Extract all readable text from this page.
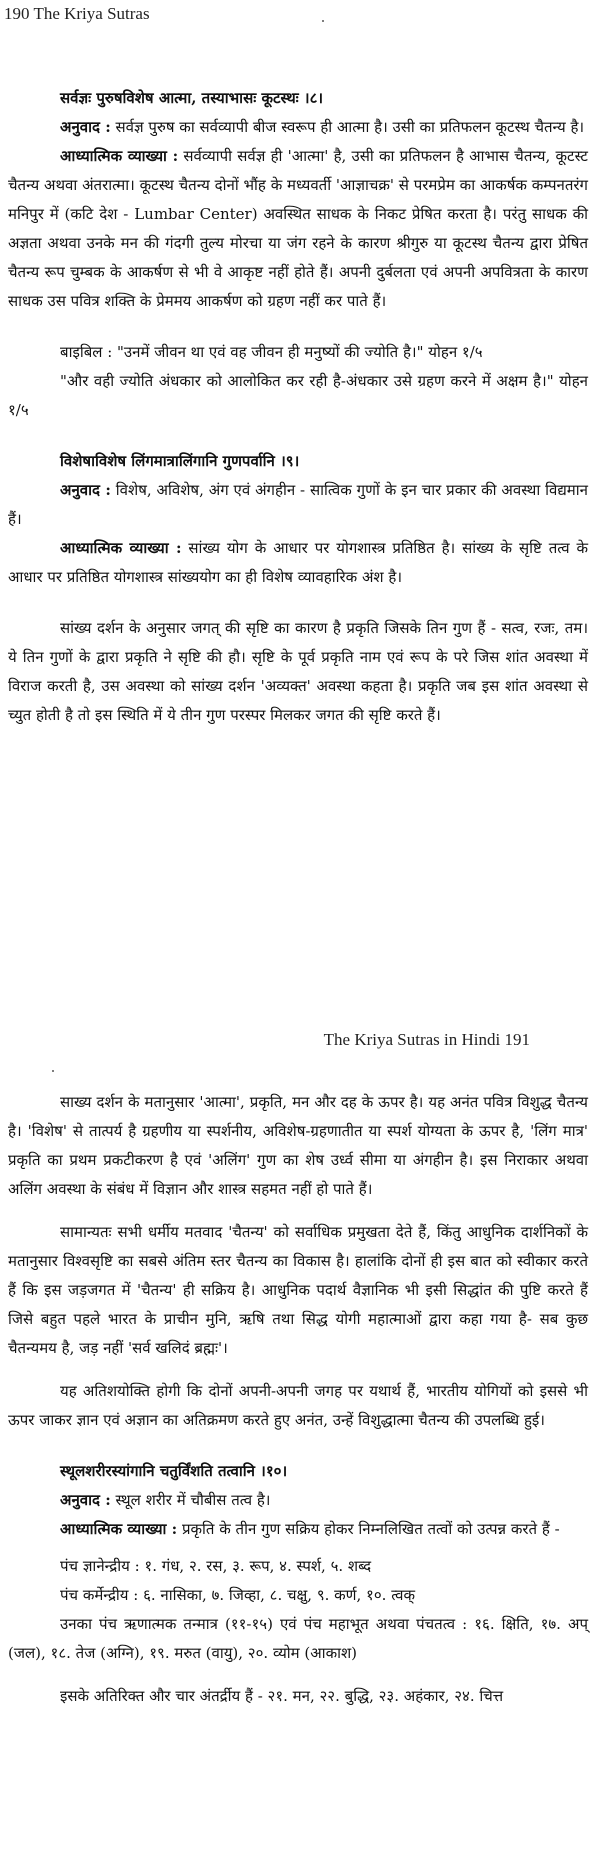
190 The Kriya Sutras

सर्वज्ञः पुरुषविशेष आत्मा, तस्याभासः कूटस्थः ।८।

अनुवाद : सर्वज्ञ पुरुष का सर्वव्यापी बीज स्वरूप ही आत्मा है। उसी का प्रतिफलन कूटस्थ चैतन्य है।

आध्यात्मिक व्याख्या : सर्वव्यापी सर्वज्ञ ही 'आत्मा' है, उसी का प्रतिफलन है आभास चैतन्य, कूटस्ट चैतन्य अथवा अंतरात्मा। कूटस्थ चैतन्य दोनों भौंह के मध्यवर्ती 'आज्ञाचक्र' से परमप्रेम का आकर्षक कम्पनतरंग मनिपुर में (कटि देश - Lumbar Center) अवस्थित साधक के निकट प्रेषित करता है। परंतु साधक की अज्ञता अथवा उनके मन की गंदगी तुल्य मोरचा या जंग रहने के कारण श्रीगुरु या कूटस्थ चैतन्य द्वारा प्रेषित चैतन्य रूप चुम्बक के आकर्षण से भी वे आकृष्ट नहीं होते हैं। अपनी दुर्बलता एवं अपनी अपवित्रता के कारण साधक उस पवित्र शक्ति के प्रेममय आकर्षण को ग्रहण नहीं कर पाते हैं।

बाइबिल : "उनमें जीवन था एवं वह जीवन ही मनुष्यों की ज्योति है।" योहन १/५

"और वही ज्योति अंधकार को आलोकित कर रही है-अंधकार उसे ग्रहण करने में अक्षम है।" योहन १/५

विशेषाविशेष लिंगमात्रालिंगानि गुणपर्वानि ।९।

अनुवाद : विशेष, अविशेष, अंग एवं अंगहीन - सात्विक गुणों के इन चार प्रकार की अवस्था विद्यमान हैं।

आध्यात्मिक व्याख्या : सांख्य योग के आधार पर योगशास्त्र प्रतिष्ठित है। सांख्य के सृष्टि तत्व के आधार पर प्रतिष्ठित योगशास्त्र सांख्ययोग का ही विशेष व्यावहारिक अंश है।

सांख्य दर्शन के अनुसार जगत् की सृष्टि का कारण है प्रकृति जिसके तिन गुण हैं - सत्व, रजः, तम। ये तिन गुणों के द्वारा प्रकृति ने सृष्टि की हौ। सृष्टि के पूर्व प्रकृति नाम एवं रूप के परे जिस शांत अवस्था में विराज करती है, उस अवस्था को सांख्य दर्शन 'अव्यक्त' अवस्था कहता है। प्रकृति जब इस शांत अवस्था से च्युत होती है तो इस स्थिति में ये तीन गुण परस्पर मिलकर जगत की सृष्टि करते हैं।

The Kriya Sutras in Hindi 191

साख्य दर्शन के मतानुसार 'आत्मा', प्रकृति, मन और दह के ऊपर है। यह अनंत पवित्र विशुद्ध चैतन्य है। 'विशेष' से तात्पर्य है ग्रहणीय या स्पर्शनीय, अविशेष-ग्रहणातीत या स्पर्श योग्यता के ऊपर है, 'लिंग मात्र' प्रकृति का प्रथम प्रकटीकरण है एवं 'अलिंग' गुण का शेष उर्ध्व सीमा या अंगहीन है। इस निराकार अथवा अलिंग अवस्था के संबंध में विज्ञान और शास्त्र सहमत नहीं हो पाते हैं।

सामान्यतः सभी धर्मीय मतवाद 'चैतन्य' को सर्वाधिक प्रमुखता देते हैं, किंतु आधुनिक दार्शनिकों के मतानुसार विश्वसृष्टि का सबसे अंतिम स्तर चैतन्य का विकास है। हालांकि दोनों ही इस बात को स्वीकार करते हैं कि इस जड़जगत में 'चैतन्य' ही सक्रिय है। आधुनिक पदार्थ वैज्ञानिक भी इसी सिद्धांत की पुष्टि करते हैं जिसे बहुत पहले भारत के प्राचीन मुनि, ऋषि तथा सिद्ध योगी महात्माओं द्वारा कहा गया है- सब कुछ चैतन्यमय है, जड़ नहीं 'सर्व खलिदं ब्रह्मः'।

यह अतिशयोक्ति होगी कि दोनों अपनी-अपनी जगह पर यथार्थ हैं, भारतीय योगियों को इससे भी ऊपर जाकर ज्ञान एवं अज्ञान का अतिक्रमण करते हुए अनंत, उन्हें विशुद्धात्मा चैतन्य की उपलब्धि हुई।

स्थूलशरीरस्यांगानि चतुर्विंशति तत्वानि ।१०।

अनुवाद : स्थूल शरीर में चौबीस तत्व है।

आध्यात्मिक व्याख्या : प्रकृति के तीन गुण सक्रिय होकर निम्नलिखित तत्वों को उत्पन्न करते हैं -

पंच ज्ञानेन्द्रीय : १. गंध, २. रस, ३. रूप, ४. स्पर्श, ५. शब्द

पंच कर्मेन्द्रीय : ६. नासिका, ७. जिव्हा, ८. चक्षु, ९. कर्ण, १०. त्वक्

उनका पंच ऋणात्मक तन्मात्र (११-१५) एवं पंच महाभूत अथवा पंचतत्व : १६. क्षिति, १७. अप् (जल), १८. तेज (अग्नि), १९. मरुत (वायु), २०. व्योम (आकाश)

इसके अतिरिक्त और चार अंतर्द्रीय हैं - २१. मन, २२. बुद्धि, २३. अहंकार, २४. चित्त
